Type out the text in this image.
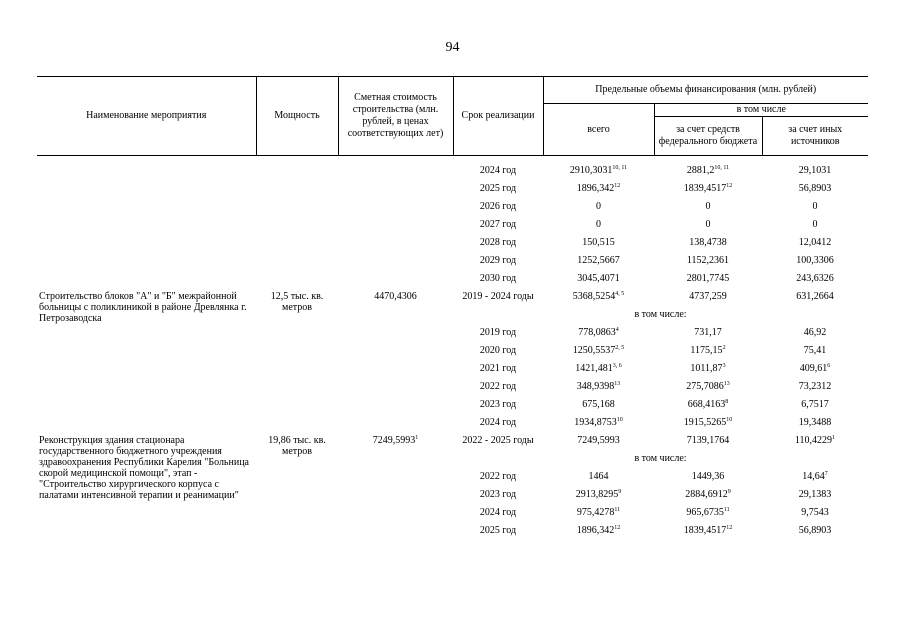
94
Наименование мероприятия	Мощность	Сметная стоимость строительства (млн. рублей, в ценах соответствующих лет)	Срок реализации	Предельные объемы финансирования (млн. рублей)		
				всего	в том числе	
					за счет средств федерального бюджета	за счет иных источников

			2024 год	2910,3031$^{10, 11}$	2881,2$^{10, 11}$	29,1031
			2025 год	1896,342$^{12}$	1839,4517$^{12}$	56,8903
			2026 год	0	0	0
			2027 год	0	0	0
			2028 год	150,515	138,4738	12,0412
			2029 год	1252,5667	1152,2361	100,3306
			2030 год	3045,4071	2801,7745	243,6326
Строительство блоков "А" и "Б" межрайонной больницы с поликлиникой в районе Древлянка г. Петрозаводска	12,5 тыс. кв. метров	4470,4306	2019 - 2024 годы	5368,5254$^{4, 5}$	4737,259	631,2664
			в том числе:			
			2019 год	778,0863$^4$	731,17	46,92
			2020 год	1250,5537$^{2, 5}$	1175,15$^2$	75,41
			2021 год	1421,481$^{3, 6}$	1011,87$^3$	409,61$^6$
			2022 год	348,9398$^{13}$	275,7086$^{13}$	73,2312
			2023 год	675,168	668,4163$^8$	6,7517
			2024 год	1934,8753$^{10}$	1915,5265$^{10}$	19,3488
Реконструкция здания стационара государственного бюджетного учреждения здравоохранения Республики Карелия "Больница скорой медицинской помощи", этап - "Строительство хирургического корпуса с палатами интенсивной терапии и реанимации"	19,86 тыс. кв. метров	7249,5993$^1$	2022 - 2025 годы	7249,5993	7139,1764	110,4229$^1$
			в том числе:			
			2022 год	1464	1449,36	14,64$^7$
			2023 год	2913,8295$^9$	2884,6912$^9$	29,1383
			2024 год	975,4278$^{11}$	965,6735$^{11}$	9,7543
			2025 год	1896,342$^{12}$	1839,4517$^{12}$	56,8903
